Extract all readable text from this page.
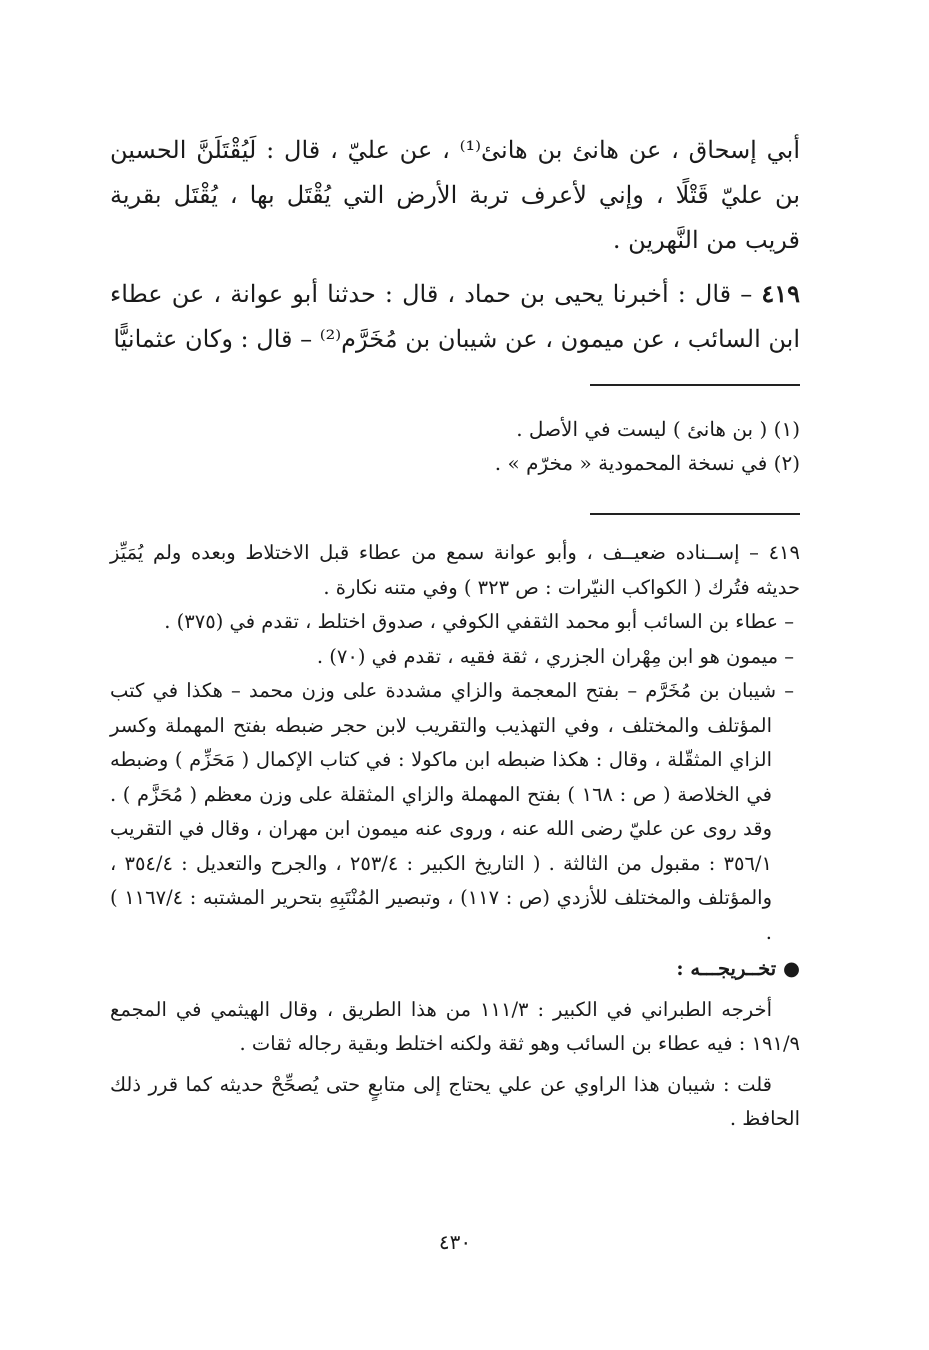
أبي إسحاق ، عن هانئ بن هانئ⁽¹⁾ ، عن عليّ ، قال : لَيُقْتَلَنَّ الحسين بن عليّ قَتْلًا ، وإني لأعرف تربة الأرض التي يُقْتَل بها ، يُقْتَل بقرية قريب من النَّهرين .

٤١٩ – قال : أخبرنا يحيى بن حماد ، قال : حدثنا أبو عوانة ، عن عطاء ابن السائب ، عن ميمون ، عن شيبان بن مُخَرَّم⁽²⁾ – قال : وكان عثمانيًّا

(١) ( بن هانئ ) ليست في الأصل .
(٢) في نسخة المحمودية « مخرّم » .

٤١٩ – إســناده ضعيــف ، وأبو عوانة سمع من عطاء قبل الاختلاط وبعده ولم يُمَيِّز حديثه فتُرك ( الكواكب النيّرات : ص ٣٢٣ ) وفي متنه نكارة .

– عطاء بن السائب أبو محمد الثقفي الكوفي ، صدوق اختلط ، تقدم في (٣٧٥) .

– ميمون هو ابن مِهْران الجزري ، ثقة فقيه ، تقدم في (٧٠) .

– شيبان بن مُخَرَّم – بفتح المعجمة والزاي مشددة على وزن محمد – هكذا في كتب المؤتلف والمختلف ، وفي التهذيب والتقريب لابن حجر ضبطه بفتح المهملة وكسر الزاي المثقّلة ، وقال : هكذا ضبطه ابن ماكولا : في كتاب الإكمال ( مَحَزِّم ) وضبطه في الخلاصة ( ص : ١٦٨ ) بفتح المهملة والزاي المثقلة على وزن معظم ( مُحَزَّم ) . وقد روى عن عليّ رضى الله عنه ، وروى عنه ميمون ابن مهران ، وقال في التقريب ٣٥٦/١ : مقبول من الثالثة . ( التاريخ الكبير : ٢٥٣/٤ ، والجرح والتعديل : ٣٥٤/٤ ، والمؤتلف والمختلف للأزدي (ص : ١١٧) ، وتبصير المُنْتَبِهِ بتحرير المشتبه : ١١٦٧/٤ ) .

● تخــريجـــه :

أخرجه الطبراني في الكبير : ١١١/٣ من هذا الطريق ، وقال الهيثمي في المجمع ١٩١/٩ : فيه عطاء بن السائب وهو ثقة ولكنه اختلط وبقية رجاله ثقات .

قلت : شيبان هذا الراوي عن علي يحتاج إلى متابعٍ حتى يُصحِّحْ حديثه كما قرر ذلك الحافظ .

٤٣٠
